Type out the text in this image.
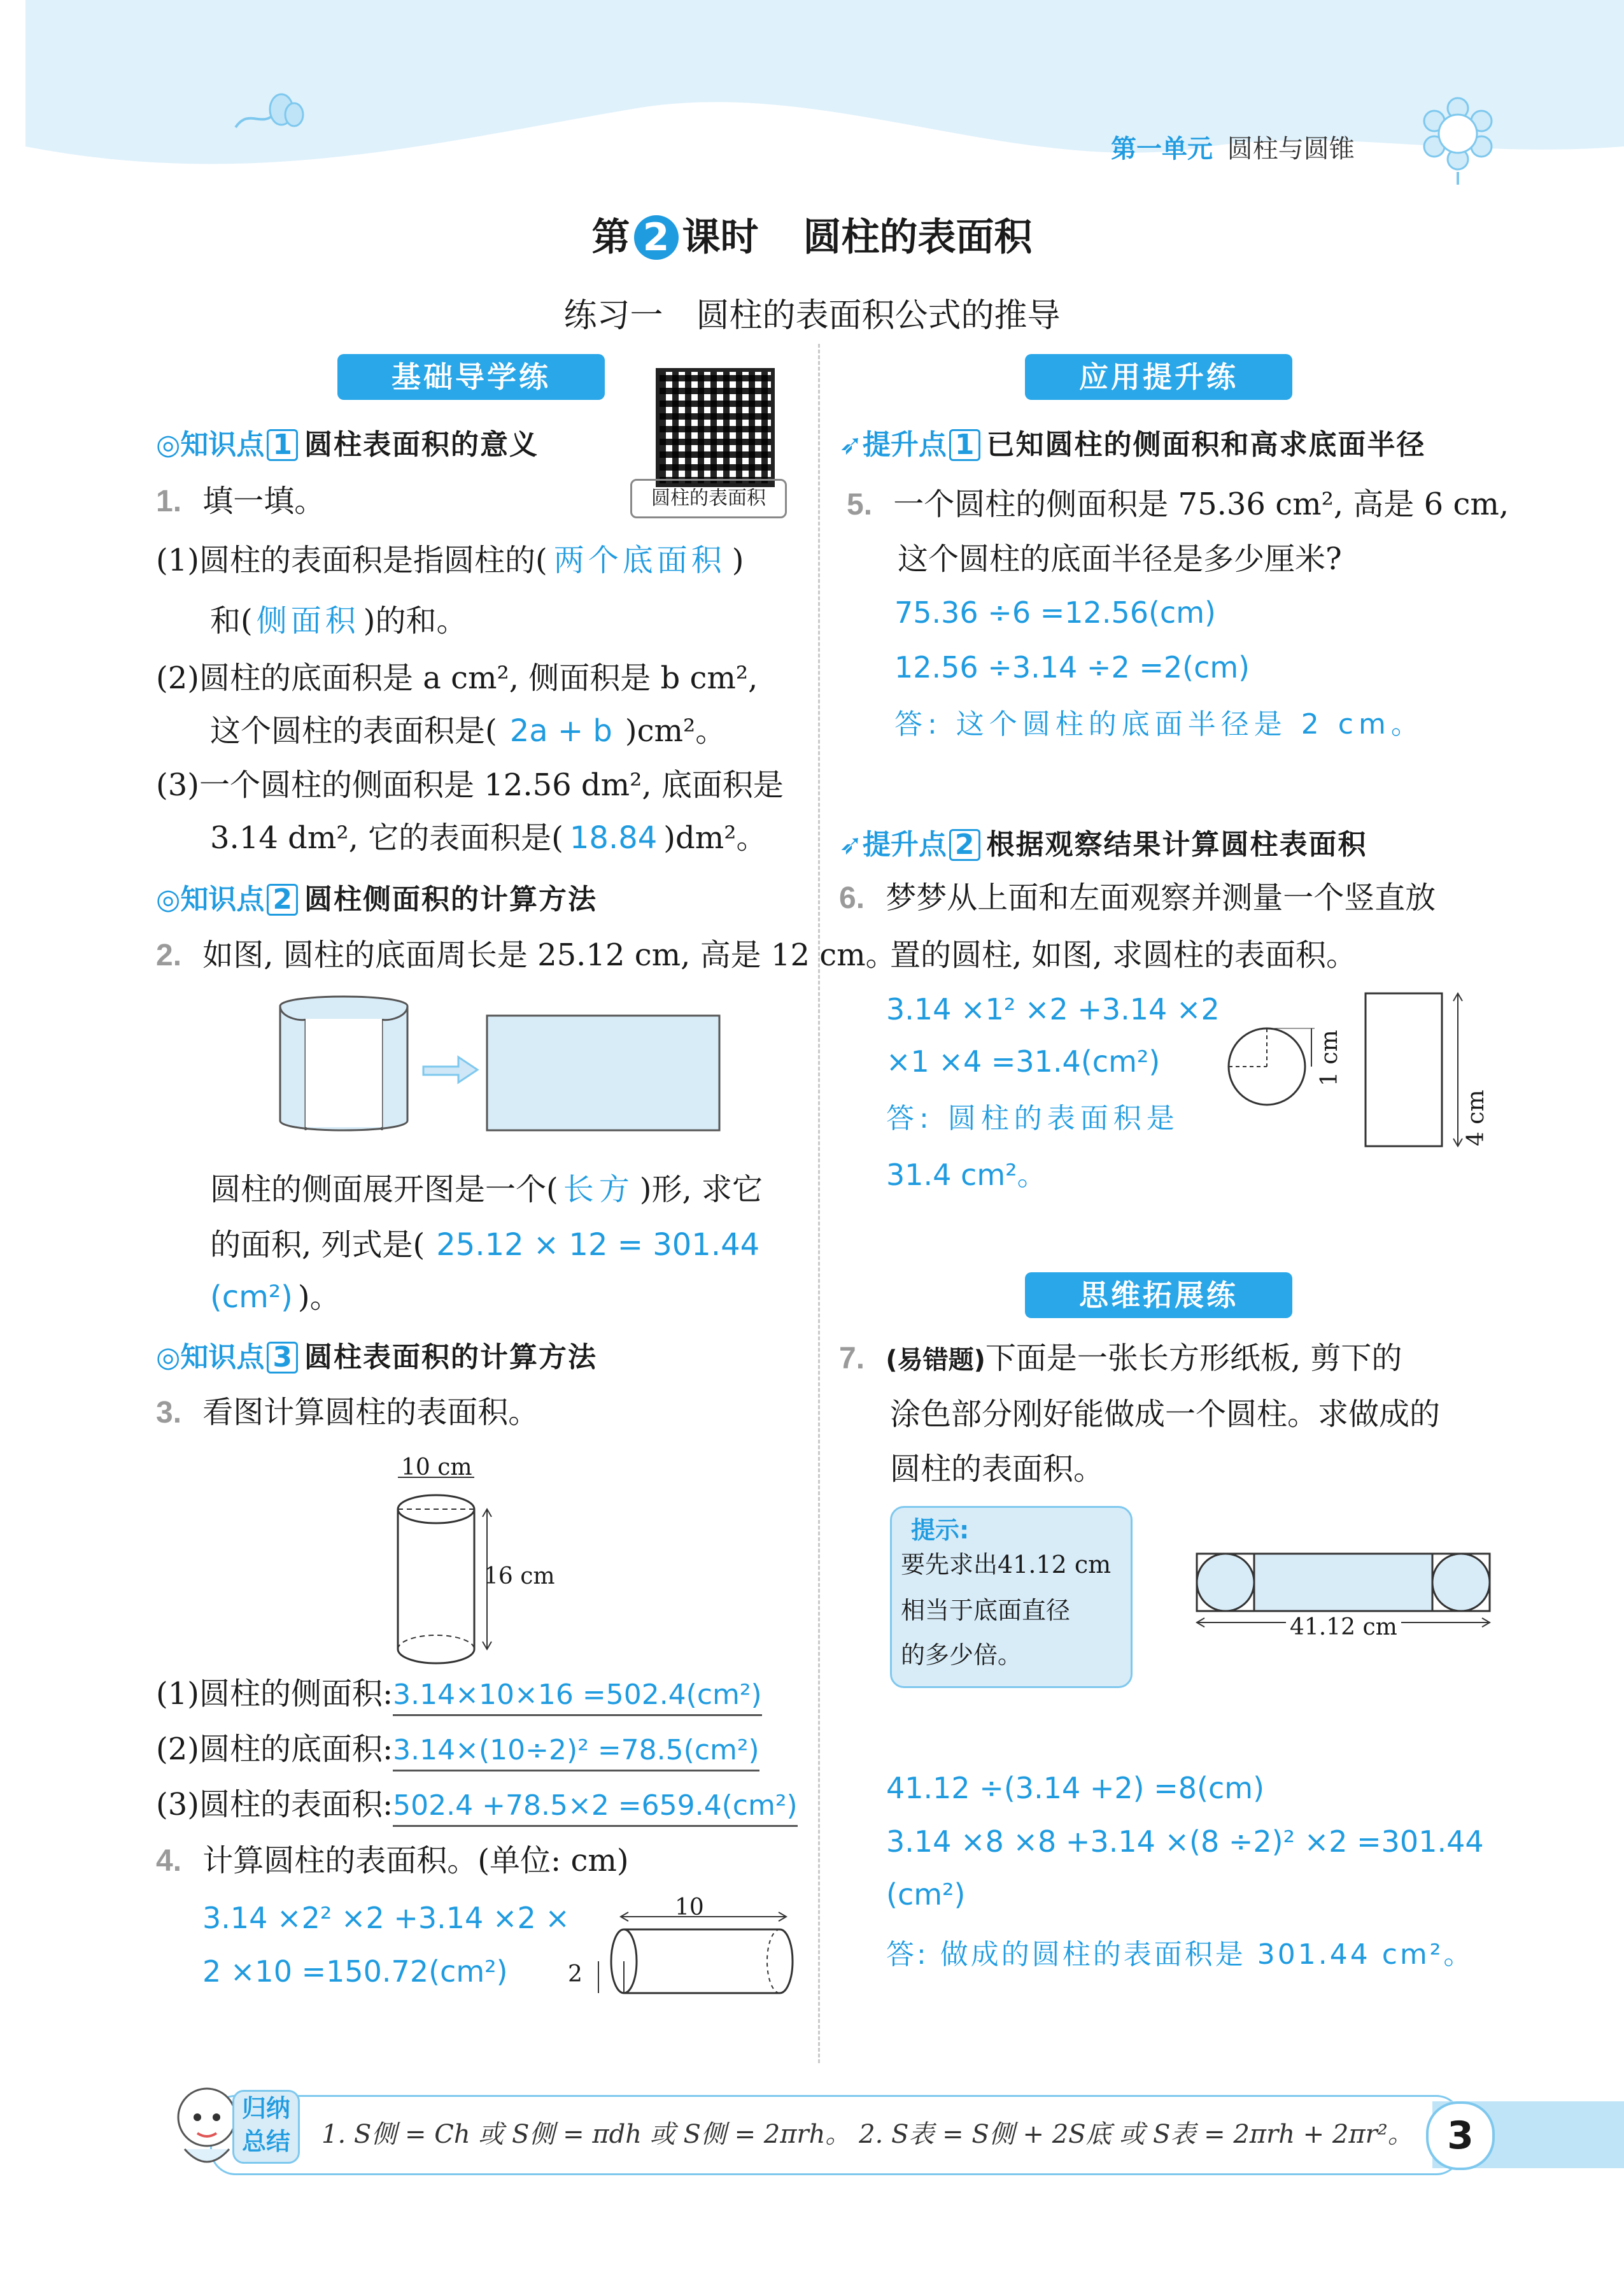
第一单元 圆柱与圆锥
第 2 课时 圆柱的表面积
练习一　圆柱的表面积公式的推导
基础导学练
圆柱的表面积
◎知识点 1 圆柱表面积的意义
1. 填一填。
(1)圆柱的表面积是指圆柱的( 两个底面积 )
和( 侧面积 )的和。
(2)圆柱的底面积是 a cm², 侧面积是 b cm²,
这个圆柱的表面积是( 2a + b )cm²。
(3)一个圆柱的侧面积是 12.56 dm², 底面积是
3.14 dm², 它的表面积是( 18.84 )dm²。
◎知识点 2 圆柱侧面积的计算方法
2. 如图, 圆柱的底面周长是 25.12 cm, 高是 12 cm。
圆柱的侧面展开图是一个( 长方 )形, 求它
的面积, 列式是( 25.12 × 12 = 301.44
(cm²) )。
◎知识点 3 圆柱表面积的计算方法
3. 看图计算圆柱的表面积。
10 cm
16 cm
(1)圆柱的侧面积:3.14×10×16 =502.4(cm²)
(2)圆柱的底面积:3.14×(10÷2)² =78.5(cm²)
(3)圆柱的表面积:502.4 +78.5×2 =659.4(cm²)
4. 计算圆柱的表面积。(单位: cm)
3.14 ×2² ×2 +3.14 ×2 ×
2 ×10 =150.72(cm²)
10
2
应用提升练
➶提升点 1 已知圆柱的侧面积和高求底面半径
5. 一个圆柱的侧面积是 75.36 cm², 高是 6 cm,
这个圆柱的底面半径是多少厘米?
75.36 ÷6 =12.56(cm)
12.56 ÷3.14 ÷2 =2(cm)
答: 这个圆柱的底面半径是 2 cm。
➶提升点 2 根据观察结果计算圆柱表面积
6. 梦梦从上面和左面观察并测量一个竖直放
置的圆柱, 如图, 求圆柱的表面积。
3.14 ×1² ×2 +3.14 ×2
×1 ×4 =31.4(cm²)
答: 圆柱的表面积是
31.4 cm²。
1 cm
4 cm
思维拓展练
7. (易错题)下面是一张长方形纸板, 剪下的
涂色部分刚好能做成一个圆柱。求做成的
圆柱的表面积。
提示:
要先求出41.12 cm
相当于底面直径
的多少倍。
41.12 cm
41.12 ÷(3.14 +2) =8(cm)
3.14 ×8 ×8 +3.14 ×(8 ÷2)² ×2 =301.44
(cm²)
答: 做成的圆柱的表面积是 301.44 cm²。
归纳
总结	1. S侧 = Ch 或 S侧 = πdh 或 S侧 = 2πrh。 2. S表 = S侧 + 2S底 或 S表 = 2πrh + 2πr²。 3
